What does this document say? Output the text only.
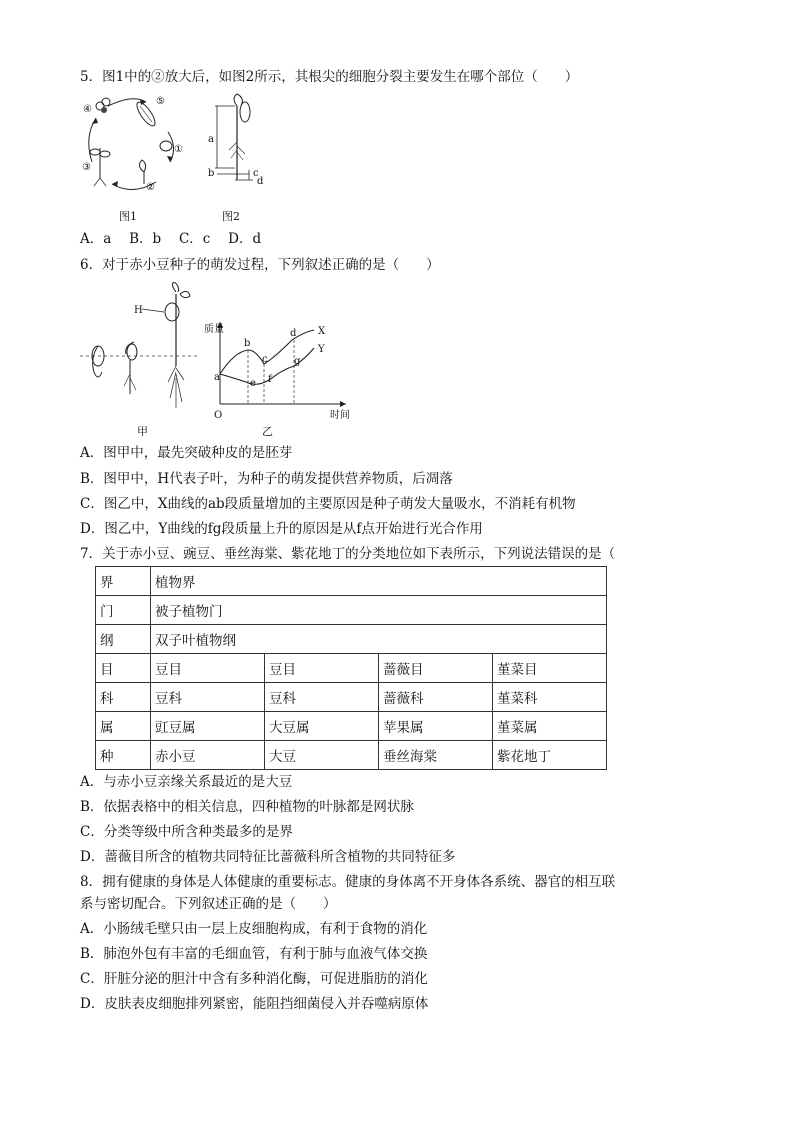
5．图1中的②放大后，如图2所示，其根尖的细胞分裂主要发生在哪个部位（　　）
④
⑤
①
②
③
图1
a
b	c
d
图2
A．a　 B．b　 C．c　 D．d
6．对于赤小豆种子的萌发过程，下列叙述正确的是（　　）
H
甲
质量
时间
O
a
b
c
d
e f
g
X
Y
乙
A．图甲中，最先突破种皮的是胚芽
B．图甲中，H代表子叶，为种子的萌发提供营养物质，后凋落
C．图乙中，X曲线的ab段质量增加的主要原因是种子萌发大量吸水，不消耗有机物
D．图乙中，Y曲线的fg段质量上升的原因是从f点开始进行光合作用
7．关于赤小豆、豌豆、垂丝海棠、紫花地丁的分类地位如下表所示，下列说法错误的是（
界	植物界			
门	被子植物门			
纲	双子叶植物纲			
目	豆目	豆目	蔷薇目	堇菜目
科	豆科	豆科	蔷薇科	堇菜科
属	豇豆属	大豆属	苹果属	堇菜属
种	赤小豆	大豆	垂丝海棠	紫花地丁
A．与赤小豆亲缘关系最近的是大豆
B．依据表格中的相关信息，四种植物的叶脉都是网状脉
C．分类等级中所含种类最多的是界
D．蔷薇目所含的植物共同特征比蔷薇科所含植物的共同特征多
8．拥有健康的身体是人体健康的重要标志。健康的身体离不开身体各系统、器官的相互联
系与密切配合。下列叙述正确的是（　　）
A．小肠绒毛壁只由一层上皮细胞构成，有利于食物的消化
B．肺泡外包有丰富的毛细血管，有利于肺与血液气体交换
C．肝脏分泌的胆汁中含有多种消化酶，可促进脂肪的消化
D．皮肤表皮细胞排列紧密，能阻挡细菌侵入并吞噬病原体
